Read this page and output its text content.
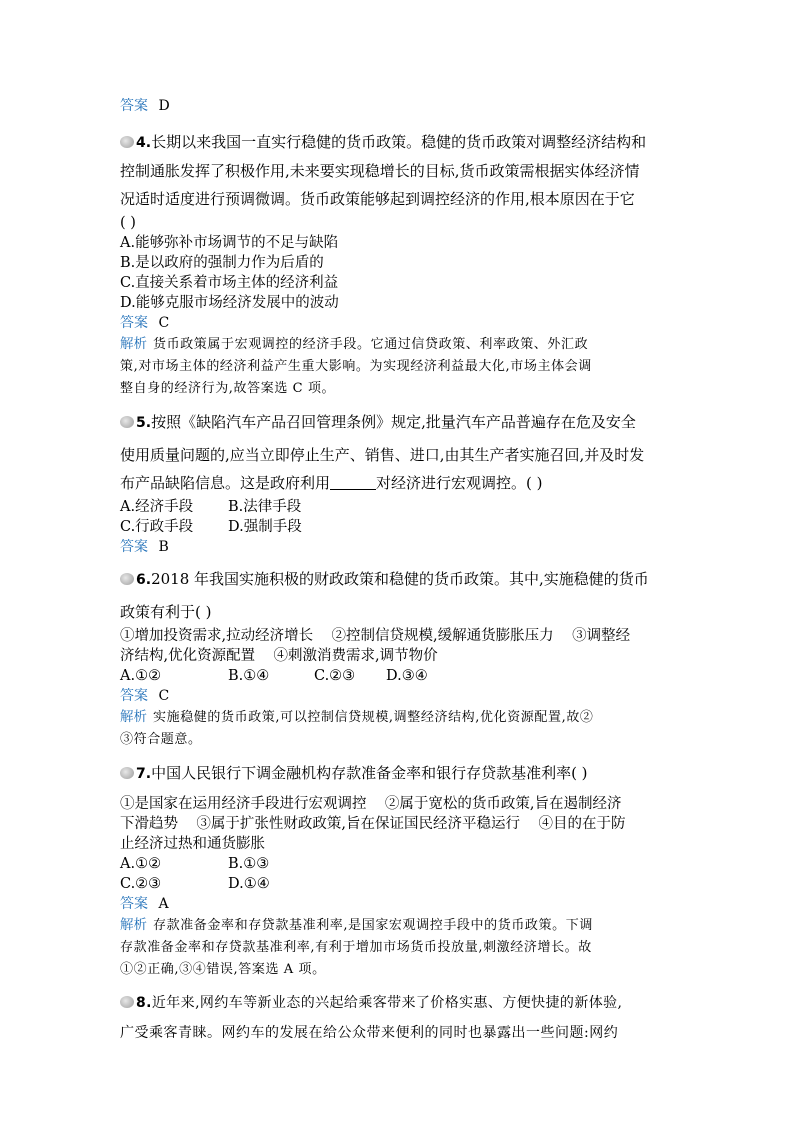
答案 D

4.长期以来我国一直实行稳健的货币政策。稳健的货币政策对调整经济结构和

控制通胀发挥了积极作用,未来要实现稳增长的目标,货币政策需根据实体经济情

况适时适度进行预调微调。货币政策能够起到调控经济的作用,根本原因在于它

( )

A.能够弥补市场调节的不足与缺陷

B.是以政府的强制力作为后盾的

C.直接关系着市场主体的经济利益

D.能够克服市场经济发展中的波动

答案 C

解析 货币政策属于宏观调控的经济手段。它通过信贷政策、利率政策、外汇政

策,对市场主体的经济利益产生重大影响。为实现经济利益最大化,市场主体会调

整自身的经济行为,故答案选 C 项。

5.按照《缺陷汽车产品召回管理条例》规定,批量汽车产品普遍存在危及安全

使用质量问题的,应当立即停止生产、销售、进口,由其生产者实施召回,并及时发

布产品缺陷信息。这是政府利用	对经济进行宏观调控。( )

A.经济手段 B.法律手段

C.行政手段 D.强制手段

答案 B

6.2018 年我国实施积极的财政政策和稳健的货币政策。其中,实施稳健的货币

政策有利于( )

①增加投资需求,拉动经济增长    ②控制信贷规模,缓解通货膨胀压力    ③调整经

济结构,优化资源配置    ④刺激消费需求,调节物价

A.①②	B.①④	C.②③ D.③④

答案 C

解析 实施稳健的货币政策,可以控制信贷规模,调整经济结构,优化资源配置,故②

③符合题意。

7.中国人民银行下调金融机构存款准备金率和银行存贷款基准利率( )

①是国家在运用经济手段进行宏观调控    ②属于宽松的货币政策,旨在遏制经济

下滑趋势    ③属于扩张性财政政策,旨在保证国民经济平稳运行    ④目的在于防

止经济过热和通货膨胀

A.①②	B.①③

C.②③	D.①④

答案 A

解析 存款准备金率和存贷款基准利率,是国家宏观调控手段中的货币政策。下调

存款准备金率和存贷款基准利率,有利于增加市场货币投放量,刺激经济增长。故

①②正确,③④错误,答案选 A 项。

8.近年来,网约车等新业态的兴起给乘客带来了价格实惠、方便快捷的新体验,

广受乘客青睐。网约车的发展在给公众带来便利的同时也暴露出一些问题:网约
